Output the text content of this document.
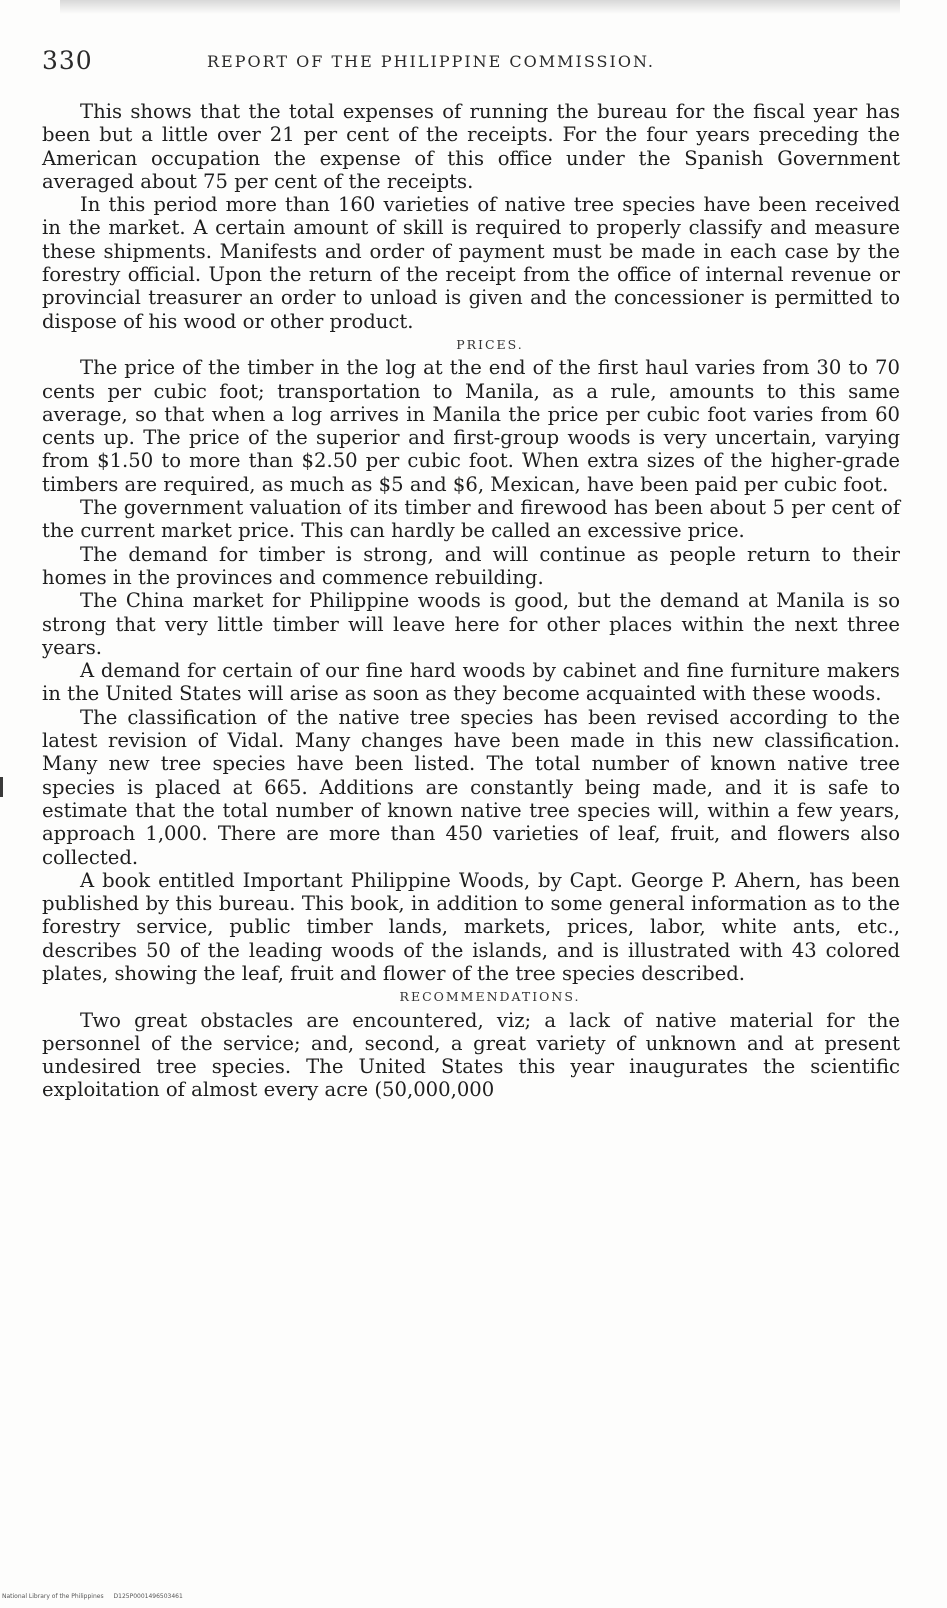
330	REPORT OF THE PHILIPPINE COMMISSION.

This shows that the total expenses of running the bureau for the fiscal year has been but a little over 21 per cent of the receipts. For the four years preceding the American occupation the expense of this office under the Spanish Government averaged about 75 per cent of the receipts.

In this period more than 160 varieties of native tree species have been received in the market. A certain amount of skill is required to properly classify and measure these shipments. Manifests and order of payment must be made in each case by the forestry official. Upon the return of the receipt from the office of internal revenue or provincial treasurer an order to unload is given and the concessioner is permitted to dispose of his wood or other product.

PRICES.

The price of the timber in the log at the end of the first haul varies from 30 to 70 cents per cubic foot; transportation to Manila, as a rule, amounts to this same average, so that when a log arrives in Manila the price per cubic foot varies from 60 cents up. The price of the superior and first-group woods is very uncertain, varying from $1.50 to more than $2.50 per cubic foot. When extra sizes of the higher-grade timbers are required, as much as $5 and $6, Mexican, have been paid per cubic foot.

The government valuation of its timber and firewood has been about 5 per cent of the current market price. This can hardly be called an excessive price.

The demand for timber is strong, and will continue as people return to their homes in the provinces and commence rebuilding.

The China market for Philippine woods is good, but the demand at Manila is so strong that very little timber will leave here for other places within the next three years.

A demand for certain of our fine hard woods by cabinet and fine furniture makers in the United States will arise as soon as they become acquainted with these woods.

The classification of the native tree species has been revised according to the latest revision of Vidal. Many changes have been made in this new classification. Many new tree species have been listed. The total number of known native tree species is placed at 665. Additions are constantly being made, and it is safe to estimate that the total number of known native tree species will, within a few years, approach 1,000. There are more than 450 varieties of leaf, fruit, and flowers also collected.

A book entitled Important Philippine Woods, by Capt. George P. Ahern, has been published by this bureau. This book, in addition to some general information as to the forestry service, public timber lands, markets, prices, labor, white ants, etc., describes 50 of the leading woods of the islands, and is illustrated with 43 colored plates, showing the leaf, fruit and flower of the tree species described.

RECOMMENDATIONS.

Two great obstacles are encountered, viz; a lack of native material for the personnel of the service; and, second, a great variety of unknown and at present undesired tree species. The United States this year inaugurates the scientific exploitation of almost every acre (50,000,000

National Library of the Philippines D125P0001496503461
